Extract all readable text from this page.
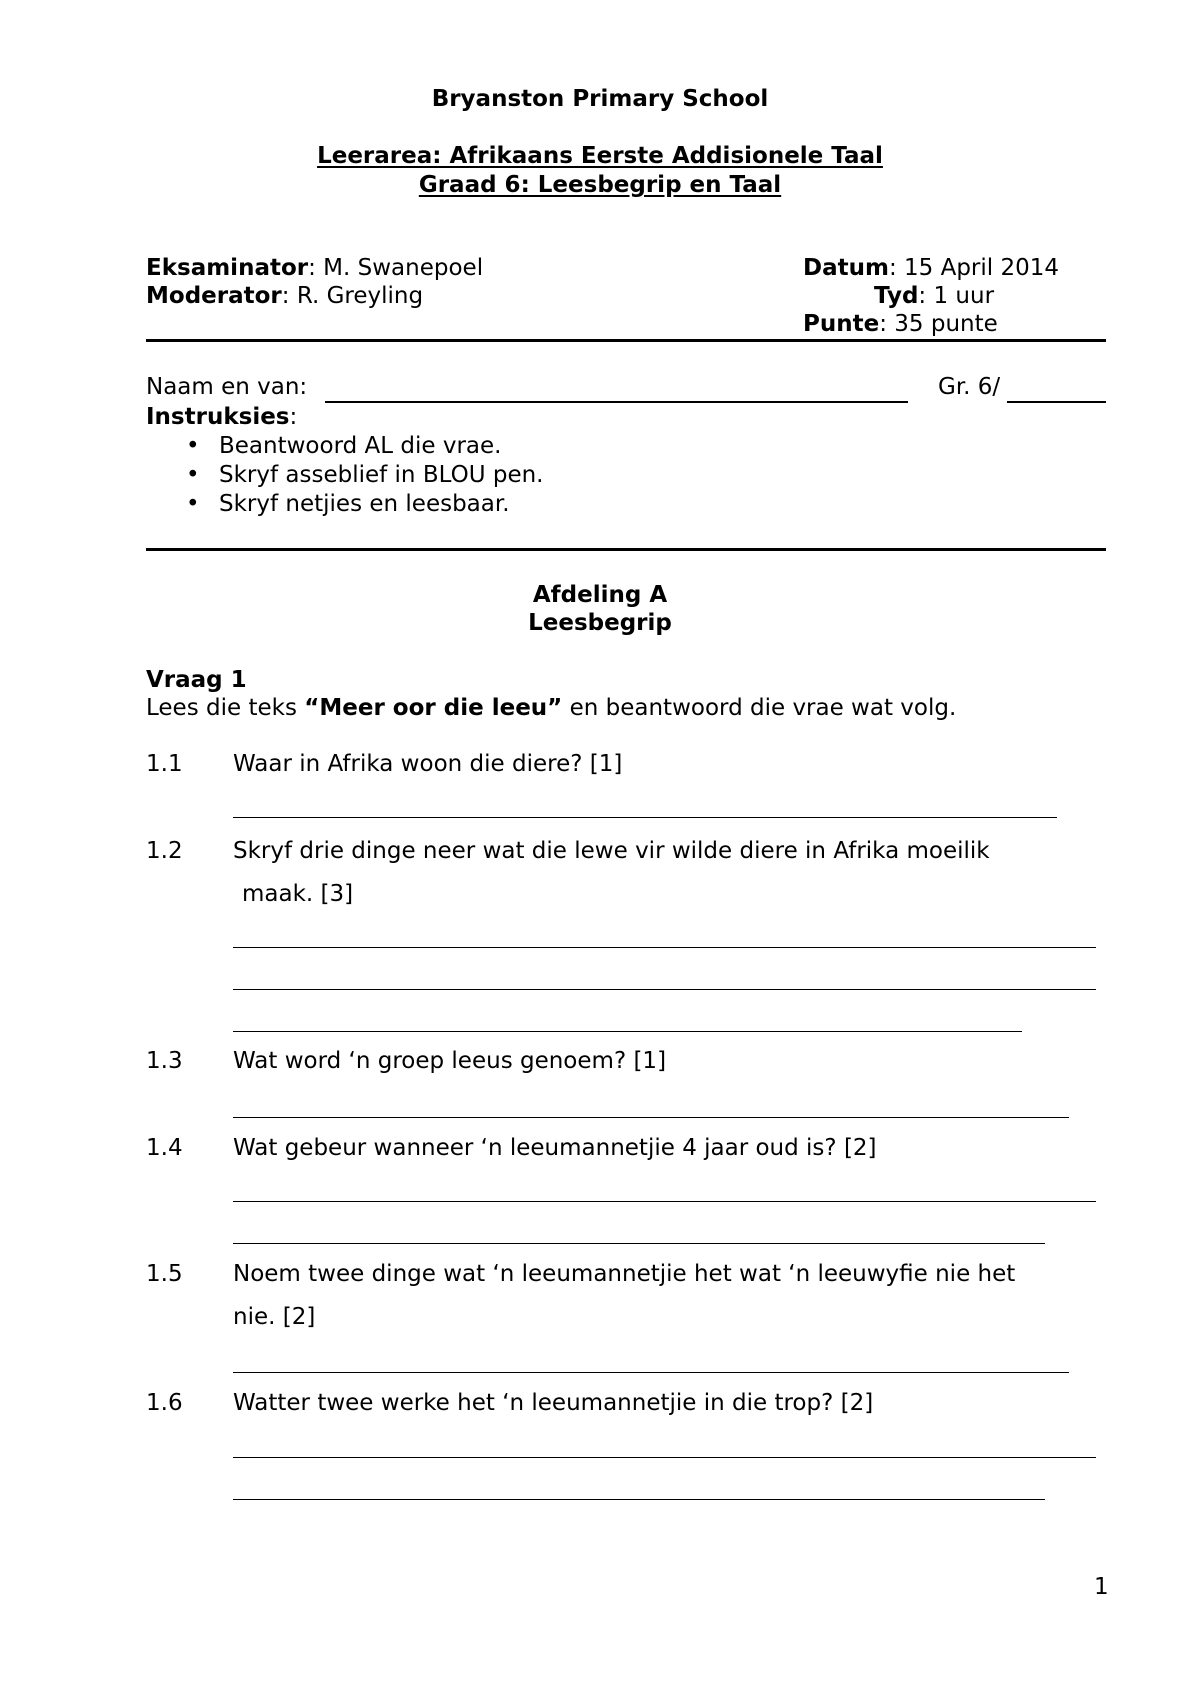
Bryanston Primary School
Leerarea: Afrikaans Eerste Addisionele Taal
Graad 6: Leesbegrip en Taal
Eksaminator: M. Swanepoel
Moderator: R. Greyling
Datum: 15 April 2014
Tyd: 1 uur
Punte: 35 punte
Naam en van:	Gr. 6/
Instruksies:
• Beantwoord AL die vrae.
• Skryf asseblief in BLOU pen.
• Skryf netjies en leesbaar.
Afdeling A
Leesbegrip
Vraag 1
Lees die teks “Meer oor die leeu” en beantwoord die vrae wat volg.
1.1 Waar in Afrika woon die diere? [1]
1.2 Skryf drie dinge neer wat die lewe vir wilde diere in Afrika moeilik
maak. [3]
1.3 Wat word ‘n groep leeus genoem? [1]
1.4 Wat gebeur wanneer ‘n leeumannetjie 4 jaar oud is? [2]
1.5 Noem twee dinge wat ‘n leeumannetjie het wat ‘n leeuwyfie nie het
nie. [2]
1.6 Watter twee werke het ‘n leeumannetjie in die trop? [2]
1
